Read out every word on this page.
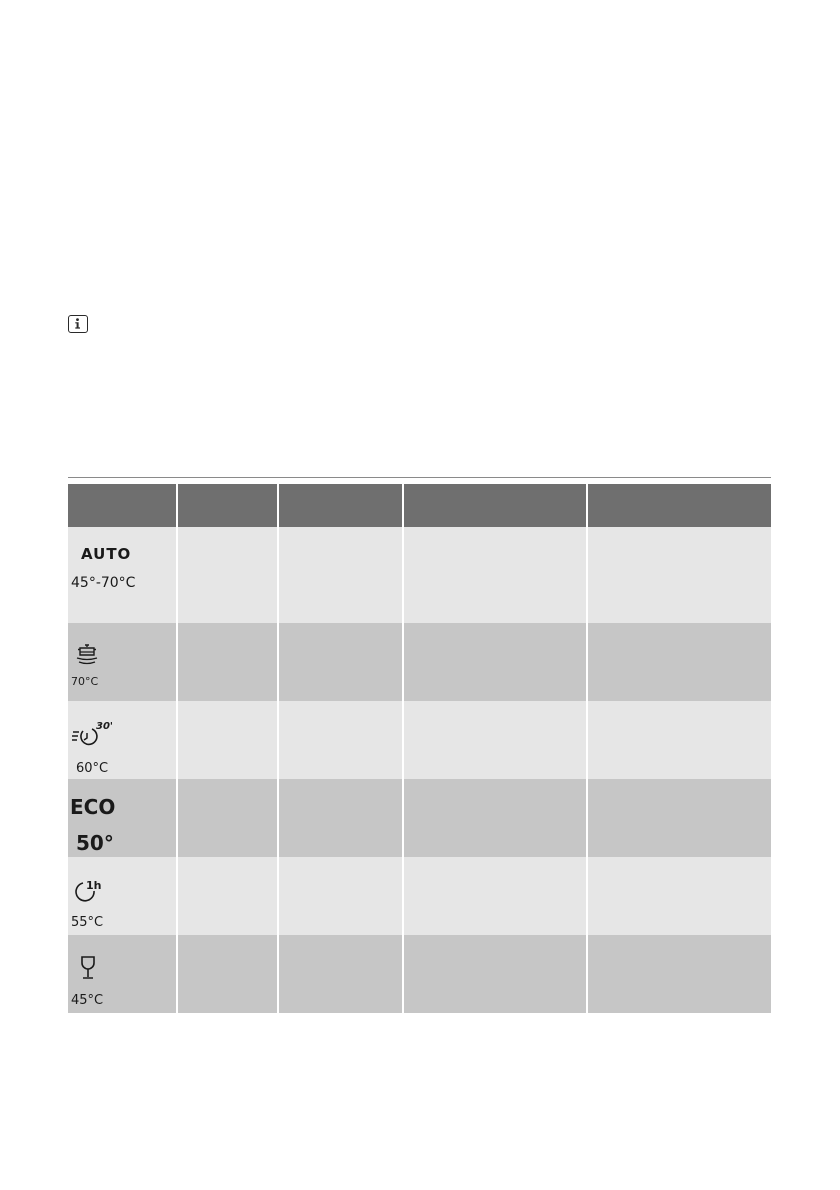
AUTO
45°-70°C
70°C
30'
60°C
ECO
50°
1h
55°C
45°C
